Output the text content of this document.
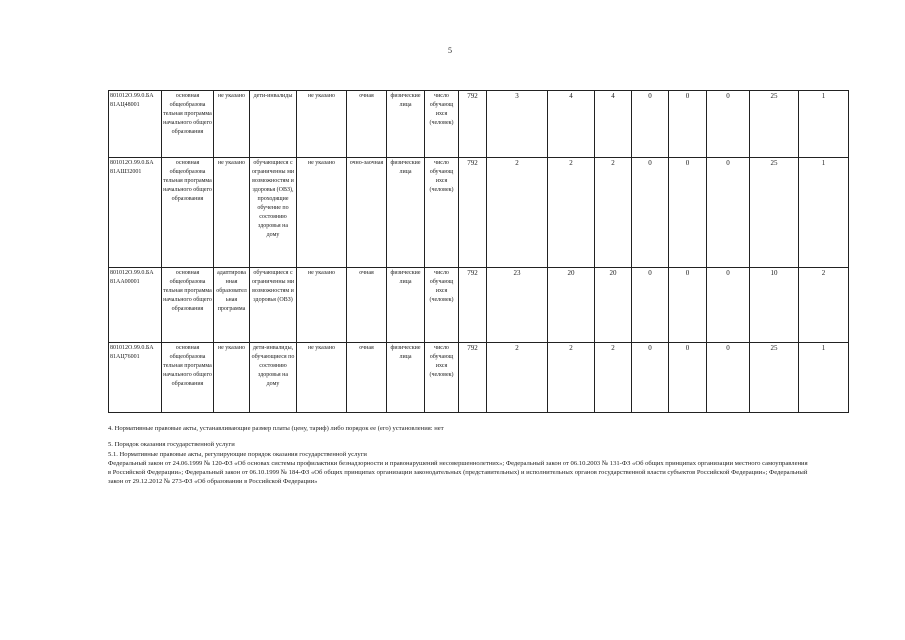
5
801012О.99.0.БА 81АЦ48001	основная общеобразова тельная программа начального общего образования	не указано	дети-инвалиды	не указано	очная	физические лица	число обучающ ихся (человек)	792	3	4	4	0	0	0	25	1
801012О.99.0.БА 81АШ32001	основная общеобразова тельная программа начального общего образования	не указано	обучающиеся с ограниченны ми возможностям и здоровья (ОВЗ), проходящие обучение по состоянию здоровья на дому	не указано	очно-заочная	физические лица	число обучающ ихся (человек)	792	2	2	2	0	0	0	25	1
801012О.99.0.БА 81АА00001	основная общеобразова тельная программа начального общего образования	адаптирова нная образовател ьная программа	обучающиеся с ограниченны ми возможностям и здоровья (ОВЗ)	не указано	очная	физические лица	число обучающ ихся (человек)	792	23	20	20	0	0	0	10	2
801012О.99.0.БА 81АЦ76001	основная общеобразова тельная программа начального общего образования	не указано	дети-инвалиды, обучающиеся по состоянию здоровья на дому	не указано	очная	физические лица	число обучающ ихся (человек)	792	2	2	2	0	0	0	25	1

4. Нормативные правовые акты, устанавливающие размер платы (цену, тариф) либо порядок ее (его) установления: нет

5. Порядок оказания государственной услуги

5.1. Нормативные правовые акты, регулирующие порядок оказания государственной услуги

Федеральный закон от 24.06.1999 № 120-ФЗ «Об основах системы профилактики безнадзорности и правонарушений несовершеннолетних»; Федеральный закон от 06.10.2003 № 131-ФЗ «Об общих принципах организации местного самоуправления в Российской Федерации»; Федеральный закон от 06.10.1999 № 184-ФЗ «Об общих принципах организации законодательных (представительных) и исполнительных органов государственной власти субъектов Российской Федерации»; Федеральный закон от 29.12.2012 № 273-ФЗ «Об образовании в Российской Федерации»
